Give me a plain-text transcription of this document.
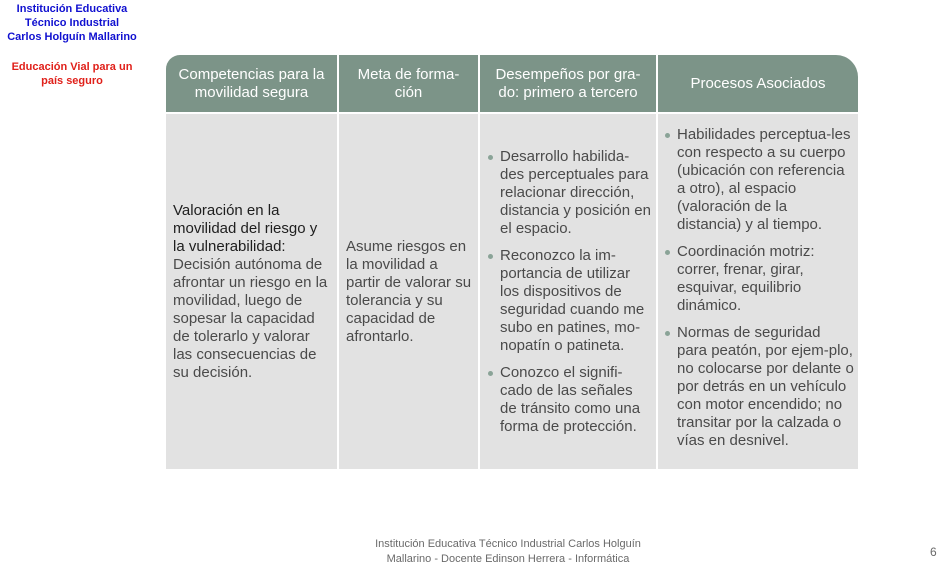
Institución Educativa
Técnico Industrial
Carlos Holguín Mallarino
Educación Vial para un
país seguro	Competencias para la movilidad segura
Meta de forma-ción
Desempeños por gra-do: primero a tercero
Procesos Asociados
Valoración en la movilidad del riesgo y la vulnerabilidad:
Decisión autónoma de afrontar un riesgo en la movilidad, luego de sopesar la capacidad de tolerarlo y valorar las consecuencias de su decisión.
Asume riesgos en la movilidad a partir de valorar su tolerancia y su capacidad de afrontarlo.
Desarrollo habilida-des perceptuales para relacionar dirección, distancia y posición en el espacio.
Reconozco la im-portancia de utilizar los dispositivos de seguridad cuando me subo en patines, mo-nopatín o patineta.
Conozco el signifi-cado de las señales de tránsito como una forma de protección.
Habilidades perceptua-les con respecto a su cuerpo (ubicación con referencia a otro), al espacio (valoración de la distancia) y al tiempo.
Coordinación motriz: correr, frenar, girar, esquivar, equilibrio dinámico.
Normas de seguridad para peatón, por ejem-plo, no colocarse por delante o por detrás en un vehículo con motor encendido; no transitar por la calzada o vías en desnivel.
Institución Educativa Técnico Industrial Carlos Holguín
Mallarino - Docente Edinson Herrera - Informática	6
